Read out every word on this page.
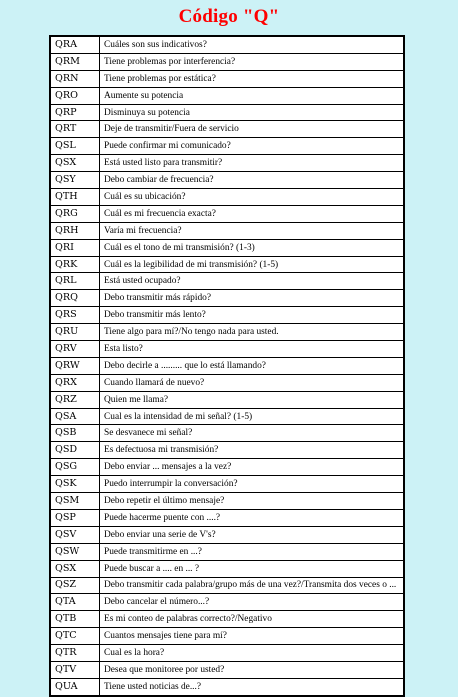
Código "Q"
QRA	Cuáles son sus indicativos?
QRM	Tiene problemas por interferencia?
QRN	Tiene problemas por estática?
QRO	Aumente su potencia
QRP	Disminuya su potencia
QRT	Deje de transmitir/Fuera de servicio
QSL	Puede confirmar mi comunicado?
QSX	Está usted listo para transmitir?
QSY	Debo cambiar de frecuencia?
QTH	Cuál es su ubicación?
QRG	Cuál es mi frecuencia exacta?
QRH	Varía mi frecuencia?
QRI	Cuál es el tono de mi transmisión? (1-3)
QRK	Cuál es la legibilidad de mi transmisión? (1-5)
QRL	Está usted ocupado?
QRQ	Debo transmitir más rápido?
QRS	Debo transmitir más lento?
QRU	Tiene algo para mí?/No tengo nada para usted.
QRV	Esta listo?
QRW	Debo decirle a ......... que lo está llamando?
QRX	Cuando llamará de nuevo?
QRZ	Quien me llama?
QSA	Cual es la intensidad de mi señal? (1-5)
QSB	Se desvanece mi señal?
QSD	Es defectuosa mi transmisión?
QSG	Debo enviar ... mensajes a la vez?
QSK	Puedo interrumpir la conversación?
QSM	Debo repetir el último mensaje?
QSP	Puede hacerme puente con ....?
QSV	Debo enviar una serie de V's?
QSW	Puede transmitirme en ...?
QSX	Puede buscar a .... en ... ?
QSZ	Debo transmitir cada palabra/grupo más de una vez?/Transmita dos veces o ...
QTA	Debo cancelar el número...?
QTB	Es mi conteo de palabras correcto?/Negativo
QTC	Cuantos mensajes tiene para mí?
QTR	Cual es la hora?
QTV	Desea que monitoree por usted?
QUA	Tiene usted noticias de...?
